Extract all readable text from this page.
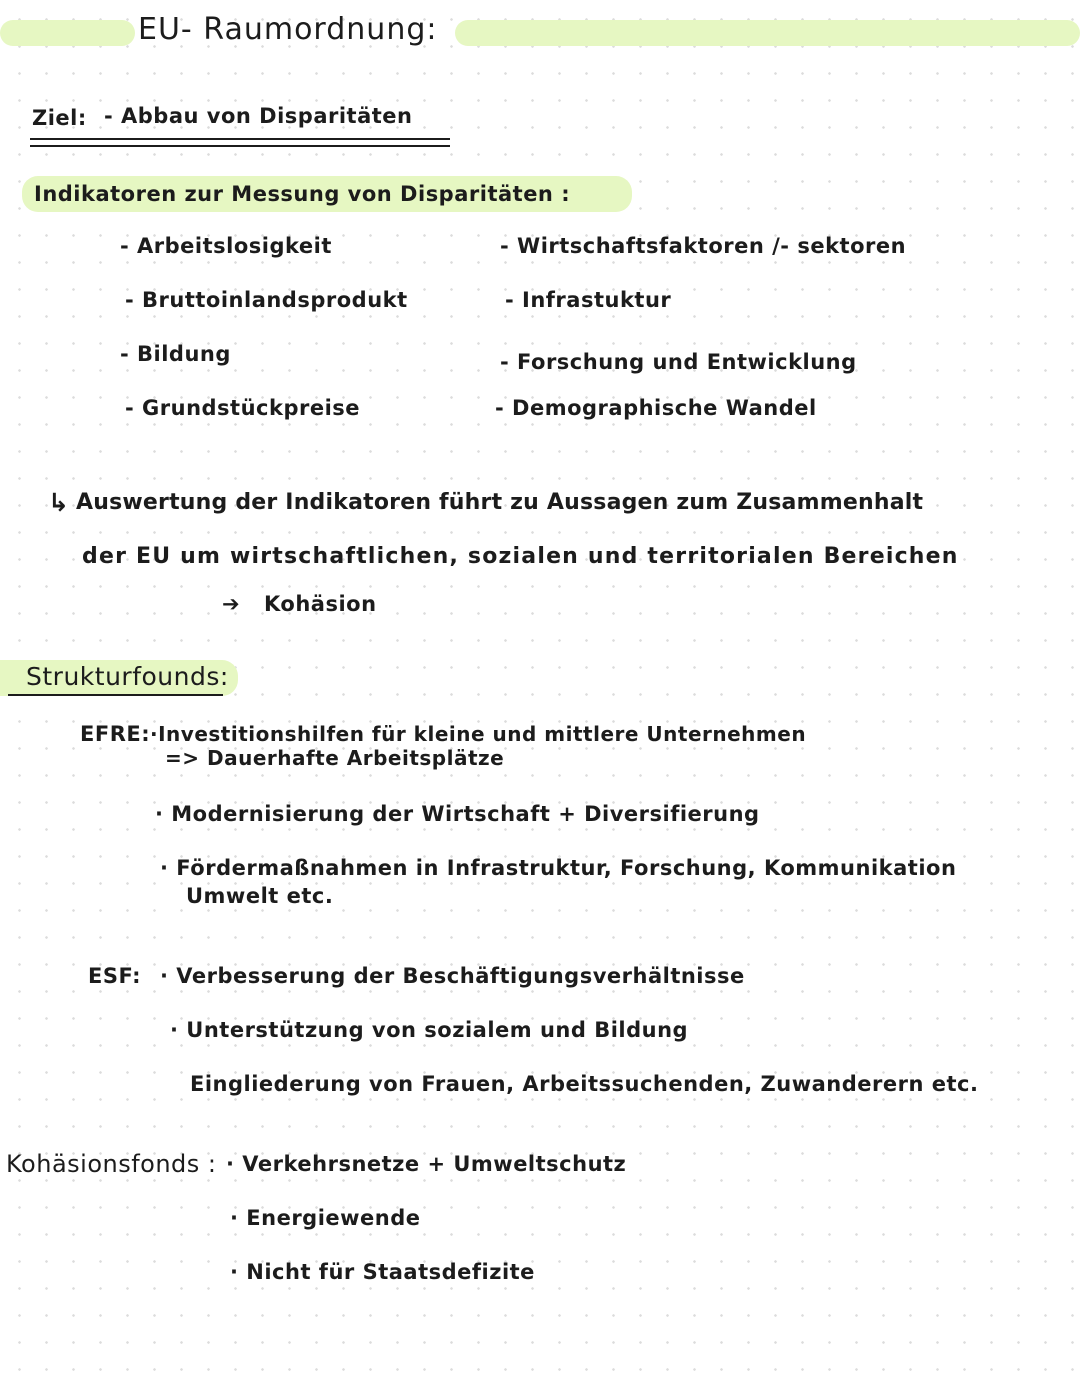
EU- Raumordnung:
Ziel: - Abbau von Disparitäten
Indikatoren zur Messung von Disparitäten :
- Arbeitslosigkeit
- Bruttoinlandsprodukt
- Bildung
- Grundstückpreise
- Wirtschaftsfaktoren /- sektoren
- Infrastuktur
- Forschung und Entwicklung
- Demographische Wandel
↳ Auswertung der Indikatoren führt zu Aussagen zum Zusammenhalt
der EU um wirtschaftlichen, sozialen und territorialen Bereichen
➔ Kohäsion
Strukturfounds:
EFRE: ·Investitionshilfen für kleine und mittlere Unternehmen
=> Dauerhafte Arbeitsplätze
· Modernisierung der Wirtschaft + Diversifierung
· Fördermaßnahmen in Infrastruktur, Forschung, Kommunikation
Umwelt etc.
ESF: · Verbesserung der Beschäftigungsverhältnisse
· Unterstützung von sozialem und Bildung
Eingliederung von Frauen, Arbeitssuchenden, Zuwanderern etc.
Kohäsionsfonds : · Verkehrsnetze + Umweltschutz
· Energiewende
· Nicht für Staatsdefizite
